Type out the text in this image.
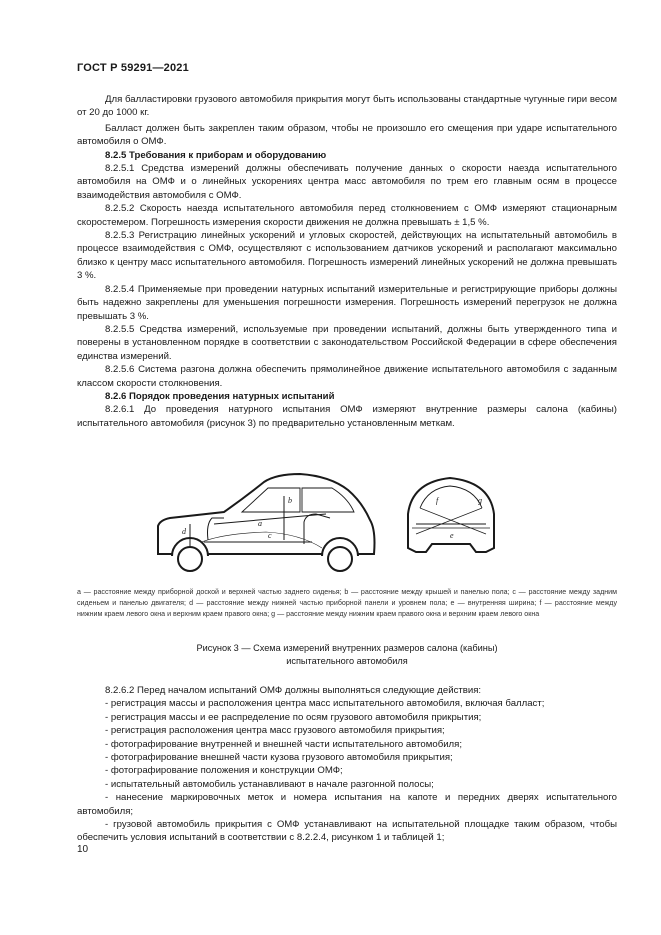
ГОСТ Р 59291—2021

Для балластировки грузового автомобиля прикрытия могут быть использованы стандартные чугунные гири весом от 20 до 1000 кг.

Балласт должен быть закреплен таким образом, чтобы не произошло его смещения при ударе испытательного автомобиля о ОМФ.

8.2.5 Требования к приборам и оборудованию

8.2.5.1 Средства измерений должны обеспечивать получение данных о скорости наезда испытательного автомобиля на ОМФ и о линейных ускорениях центра масс автомобиля по трем его главным осям в процессе взаимодействия автомобиля с ОМФ.

8.2.5.2 Скорость наезда испытательного автомобиля перед столкновением с ОМФ измеряют стационарным скоростемером. Погрешность измерения скорости движения не должна превышать ± 1,5 %.

8.2.5.3 Регистрацию линейных ускорений и угловых скоростей, действующих на испытательный автомобиль в процессе взаимодействия с ОМФ, осуществляют с использованием датчиков ускорений и располагают максимально близко к центру масс испытательного автомобиля. Погрешность измерений линейных ускорений не должна превышать 3 %.

8.2.5.4 Применяемые при проведении натурных испытаний измерительные и регистрирующие приборы должны быть надежно закреплены для уменьшения погрешности измерения. Погрешность измерений перегрузок не должна превышать 3 %.

8.2.5.5 Средства измерений, используемые при проведении испытаний, должны быть утвержденного типа и поверены в установленном порядке в соответствии с законодательством Российской Федерации в сфере обеспечения единства измерений.

8.2.5.6 Система разгона должна обеспечить прямолинейное движение испытательного автомобиля с заданным классом скорости столкновения.

8.2.6 Порядок проведения натурных испытаний

8.2.6.1 До проведения натурного испытания ОМФ измеряют внутренние размеры салона (кабины) испытательного автомобиля (рисунок 3) по предварительно установленным меткам.

b
a
c
d
f	g
e
a — расстояние между приборной доской и верхней частью заднего сиденья; b — расстояние между крышей и панелью пола; c — расстояние между задним сиденьем и панелью двигателя; d — расстояние между нижней частью приборной панели и уровнем пола; e — внутренняя ширина; f — расстояние между нижним краем левого окна и верхним краем правого окна; g — расстояние между нижним краем правого окна и верхним краем левого окна
Рисунок 3 — Схема измерений внутренних размеров салона (кабины)
испытательного автомобиля

8.2.6.2 Перед началом испытаний ОМФ должны выполняться следующие действия:

- регистрация массы и расположения центра масс испытательного автомобиля, включая балласт;

- регистрация массы и ее распределение по осям грузового автомобиля прикрытия;

- регистрация расположения центра масс грузового автомобиля прикрытия;

- фотографирование внутренней и внешней части испытательного автомобиля;

- фотографирование внешней части кузова грузового автомобиля прикрытия;

- фотографирование положения и конструкции ОМФ;

- испытательный автомобиль устанавливают в начале разгонной полосы;

- нанесение маркировочных меток и номера испытания на капоте и передних дверях испытательного автомобиля;

- грузовой автомобиль прикрытия с ОМФ устанавливают на испытательной площадке таким образом, чтобы обеспечить условия испытаний в соответствии с 8.2.2.4, рисунком 1 и таблицей 1;

10
